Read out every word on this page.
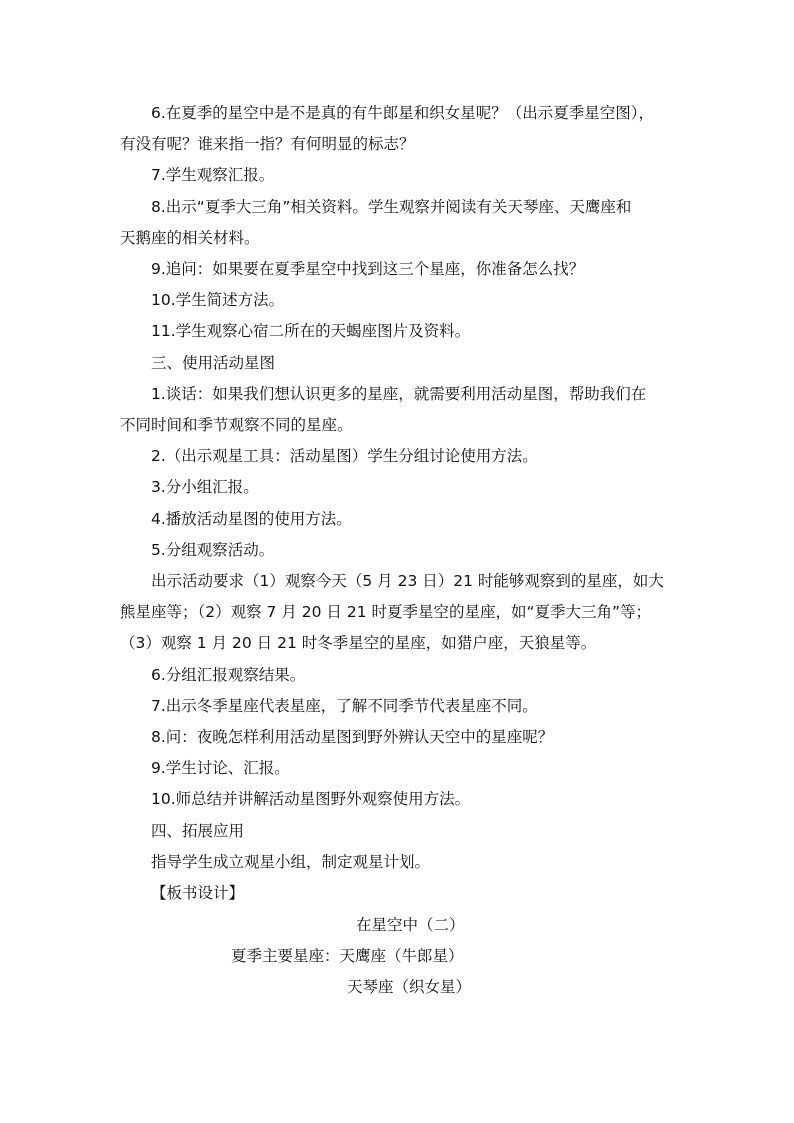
6.在夏季的星空中是不是真的有牛郎星和织女星呢？（出示夏季星空图），

有没有呢？谁来指一指？有何明显的标志？

7.学生观察汇报。

8.出示“夏季大三角”相关资料。学生观察并阅读有关天琴座、天鹰座和

天鹅座的相关材料。

9.追问：如果要在夏季星空中找到这三个星座，你准备怎么找？

10.学生简述方法。

11.学生观察心宿二所在的天蝎座图片及资料。

三、使用活动星图

1.谈话：如果我们想认识更多的星座，就需要利用活动星图，帮助我们在

不同时间和季节观察不同的星座。

2.（出示观星工具：活动星图）学生分组讨论使用方法。

3.分小组汇报。

4.播放活动星图的使用方法。

5.分组观察活动。

出示活动要求（1）观察今天（5 月 23 日）21 时能够观察到的星座，如大

熊星座等；（2）观察 7 月 20 日 21 时夏季星空的星座，如“夏季大三角”等；

（3）观察 1 月 20 日 21 时冬季星空的星座，如猎户座，天狼星等。

6.分组汇报观察结果。

7.出示冬季星座代表星座，了解不同季节代表星座不同。

8.问：夜晚怎样利用活动星图到野外辨认天空中的星座呢？

9.学生讨论、汇报。

10.师总结并讲解活动星图野外观察使用方法。

四、拓展应用

指导学生成立观星小组，制定观星计划。

【板书设计】

在星空中（二）

夏季主要星座：天鹰座（牛郎星）

天琴座（织女星）
